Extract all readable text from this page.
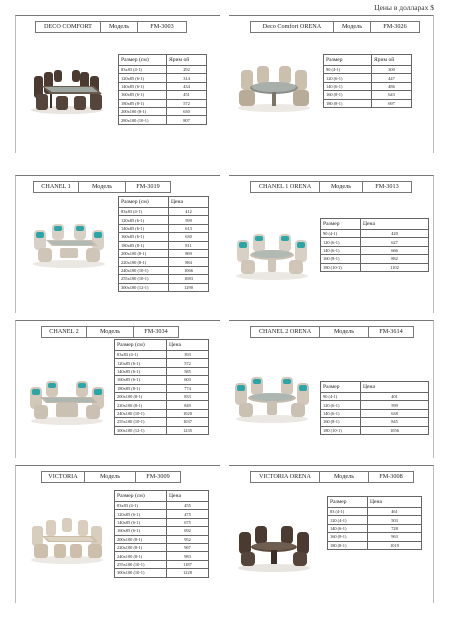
Цены в долларах $
DECO COMFORT	Модель	FM-3003
Размер (см)	Ярим ой
83x83 (4-1)	292
120x85 (6-1)	314
140x85 (6-1)	434
160x85 (6-1)	451
180x85 (8-1)	572
200x100 (8-1)	630
280x100 (10-1)	807
Deco Comfort ORENA	Модель	FM-3026
Размер	Ярим ой
90 (4-1)	300
120 (6-1)	447
140 (6-1)	486
160 (8-1)	643
180 (8-1)	697
CHANEL 1	Модель	FM-3019
Размер (см)	Цена
83x83 (4-1)	412
120x85 (6-1)	599
140x85 (6-1)	613
160x85 (6-1)	630
180x85 (8-1)	811
200x100 (8-1)	869
220x100 (8-1)	884
240x100 (10-1)	1066
255x100 (10-1)	1083
300x100 (12-1)	1290
CHANEL 1 ORENA	Модель	FM-3013
Размер	Цена
90 (4-1)	420
120 (6-1)	627
140 (6-1)	666
160 (8-1)	882
180 (10-1)	1102
CHANEL 2	Модель	FM-3034
Размер (см)	Цена
83x83 (4-1)	393
120x85 (6-1)	572
140x85 (6-1)	585
160x85 (6-1)	603
180x85 (8-1)	774
200x100 (8-1)	833
220x100 (8-1)	849
240x100 (10-1)	1020
255x100 (10-1)	1037
300x100 (12-1)	1235
CHANEL 2 ORENA	Модель	FM-3614
Размер	Цена
90 (4-1)	401
120 (6-1)	599
140 (6-1)	638
160 (8-1)	845
180 (10-1)	1056
VICTORIA	Модель	FM-3009
Размер (см)	Цена
83x83 (4-1)	455
120x85 (6-1)	475
140x85 (6-1)	675
160x85 (6-1)	692
200x100 (8-1)	952
220x100 (8-1)	967
240x100 (8-1)	983
255x100 (10-1)	1187
300x100 (10-1)	1228
VICTORIA ORENA	Модель	FM-3008
Размер	Цена
83 (4-1)	461
120 (4-1)	503
140 (6-1)	728
160 (8-1)	963
180 (8-1)	1019
